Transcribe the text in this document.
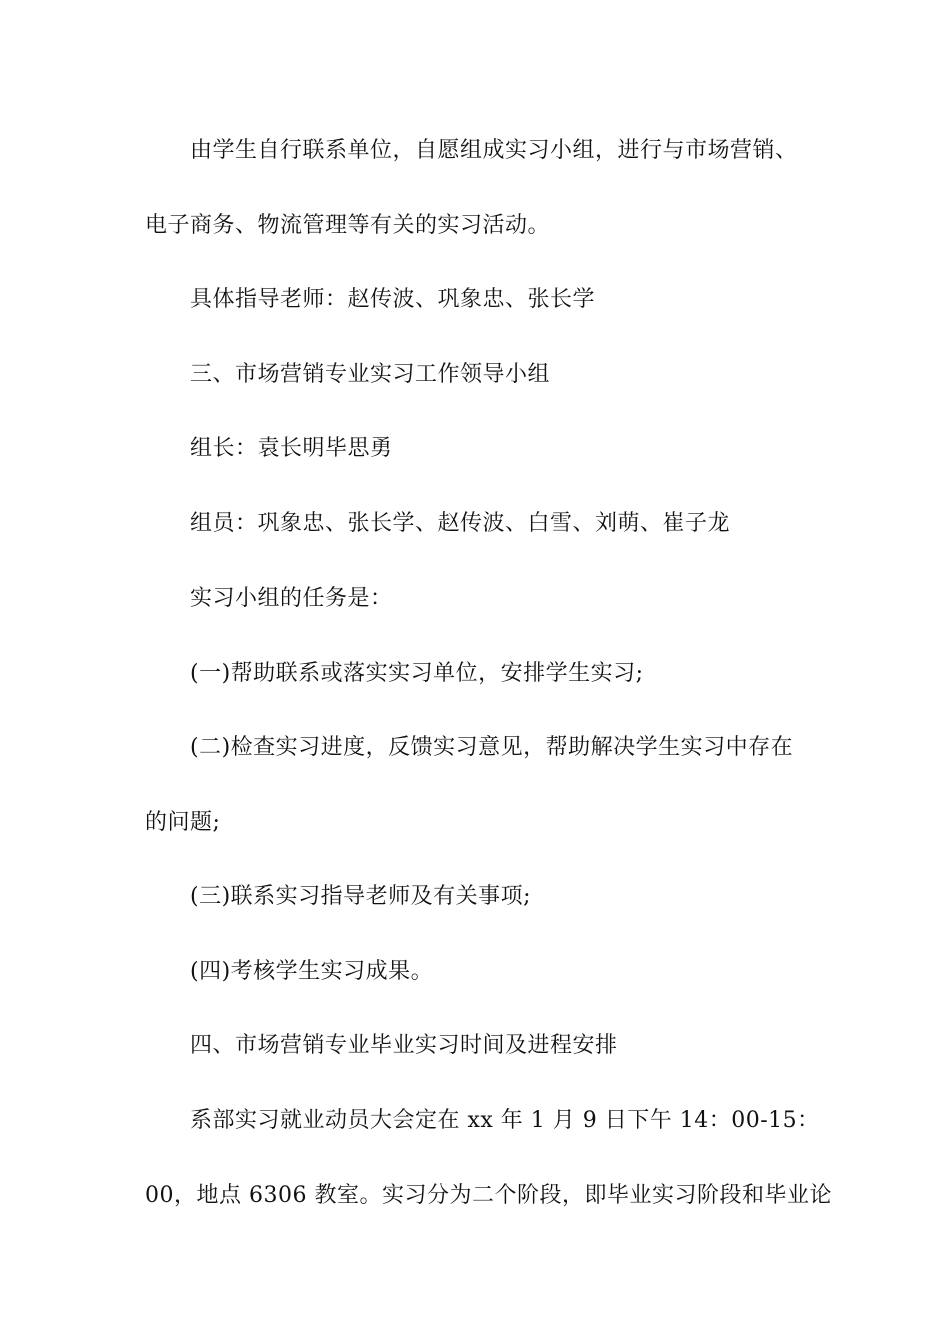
由学生自行联系单位，自愿组成实习小组，进行与市场营销、

电子商务、物流管理等有关的实习活动。

具体指导老师：赵传波、巩象忠、张长学

三、市场营销专业实习工作领导小组

组长：袁长明毕思勇

组员：巩象忠、张长学、赵传波、白雪、刘萌、崔子龙

实习小组的任务是：

(一)帮助联系或落实实习单位，安排学生实习;

(二)检查实习进度，反馈实习意见，帮助解决学生实习中存在

的问题;

(三)联系实习指导老师及有关事项;

(四)考核学生实习成果。

四、市场营销专业毕业实习时间及进程安排

系部实习就业动员大会定在 xx 年 1 月 9 日下午 14：00-15：

00，地点 6306 教室。实习分为二个阶段，即毕业实习阶段和毕业论
